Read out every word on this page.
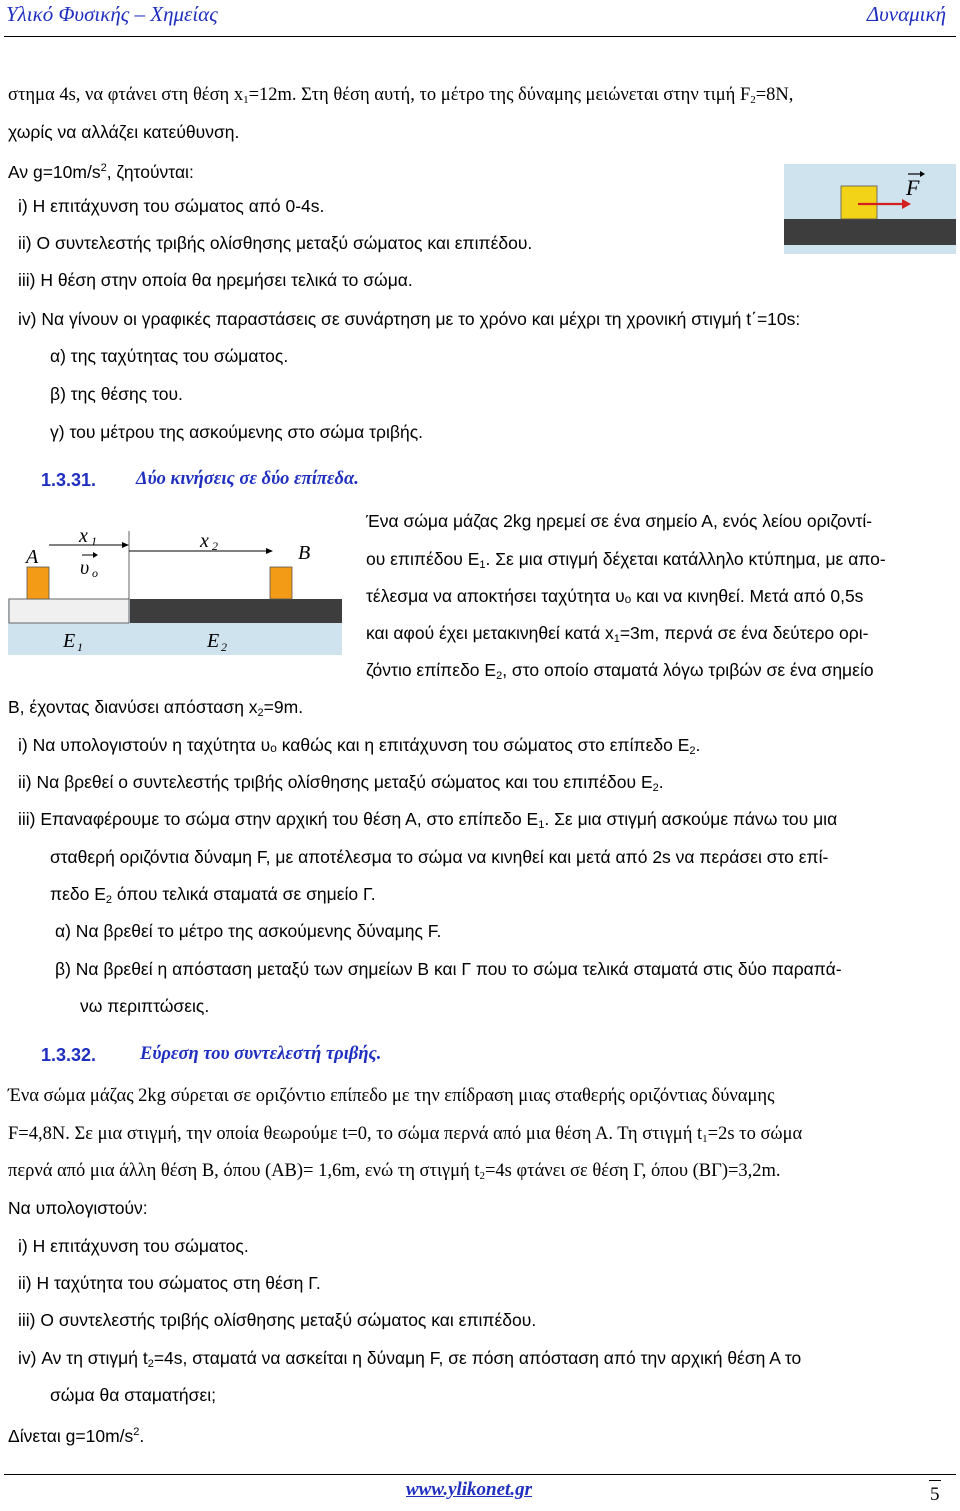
Υλικό Φυσικής – Χημείας	Δυναμική
στημα 4s, να φτάνει στη θέση $x_1=12m$. Στη θέση αυτή, το μέτρο της δύναμης μειώνεται στην τιμή $F_2=8N$,
χωρίς να αλλάζει κατεύθυνση.
Αν $g=10m/s^2$, ζητούνται:
i) Η επιτάχυνση του σώματος από 0-4s.
ii) Ο συντελεστής τριβής ολίσθησης μεταξύ σώματος και επιπέδου.
iii) Η θέση στην οποία θα ηρεμήσει τελικά το σώμα.
iv) Να γίνουν οι γραφικές παραστάσεις σε συνάρτηση με το χρόνο και μέχρι τη χρονική στιγμή t΄=10s:
α) της ταχύτητας του σώματος.
β) της θέσης του.
γ) του μέτρου της ασκούμενης στο σώμα τριβής.
F
1.3.31. Δύο κινήσεις σε δύο επίπεδα.
A	B
x 1	x 2
υ o
E 1	E 2
Ένα σώμα μάζας 2kg ηρεμεί σε ένα σημείο Α, ενός λείου οριζοντί-
ου επιπέδου $E_1$. Σε μια στιγμή δέχεται κατάλληλο κτύπημα, με απο-
τέλεσμα να αποκτήσει ταχύτητα υₒ και να κινηθεί. Μετά από 0,5s
και αφού έχει μετακινηθεί κατά $x_1=3m$, περνά σε ένα δεύτερο ορι-
ζόντιο επίπεδο $E_2$, στο οποίο σταματά λόγω τριβών σε ένα σημείο
Β, έχοντας διανύσει απόσταση $x_2=9m$.
i) Να υπολογιστούν η ταχύτητα υₒ καθώς και η επιτάχυνση του σώματος στο επίπεδο $E_2$.
ii) Να βρεθεί ο συντελεστής τριβής ολίσθησης μεταξύ σώματος και του επιπέδου $E_2$.
iii) Επαναφέρουμε το σώμα στην αρχική του θέση Α, στο επίπεδο $E_1$. Σε μια στιγμή ασκούμε πάνω του μια
σταθερή οριζόντια δύναμη F, με αποτέλεσμα το σώμα να κινηθεί και μετά από 2s να περάσει στο επί-
πεδο $E_2$ όπου τελικά σταματά σε σημείο Γ.
α) Να βρεθεί το μέτρο της ασκούμενης δύναμης F.
β) Να βρεθεί η απόσταση μεταξύ των σημείων Β και Γ που το σώμα τελικά σταματά στις δύο παραπά-
νω περιπτώσεις.
1.3.32. Εύρεση του συντελεστή τριβής.
Ένα σώμα μάζας 2kg σύρεται σε οριζόντιο επίπεδο με την επίδραση μιας σταθερής οριζόντιας δύναμης
F=4,8N. Σε μια στιγμή, την οποία θεωρούμε t=0, το σώμα περνά από μια θέση Α. Τη στιγμή $t_1=2s$ το σώμα
περνά από μια άλλη θέση Β, όπου (ΑΒ)= 1,6m, ενώ τη στιγμή $t_2=4s$ φτάνει σε θέση Γ, όπου (ΒΓ)=3,2m.
Να υπολογιστούν:
i) Η επιτάχυνση του σώματος.
ii) Η ταχύτητα του σώματος στη θέση Γ.
iii) Ο συντελεστής τριβής ολίσθησης μεταξύ σώματος και επιπέδου.
iv) Αν τη στιγμή $t_2=4s$, σταματά να ασκείται η δύναμη F, σε πόση απόσταση από την αρχική θέση Α το
σώμα θα σταματήσει;
Δίνεται $g=10m/s^2$.
www.ylikonet.gr	5
